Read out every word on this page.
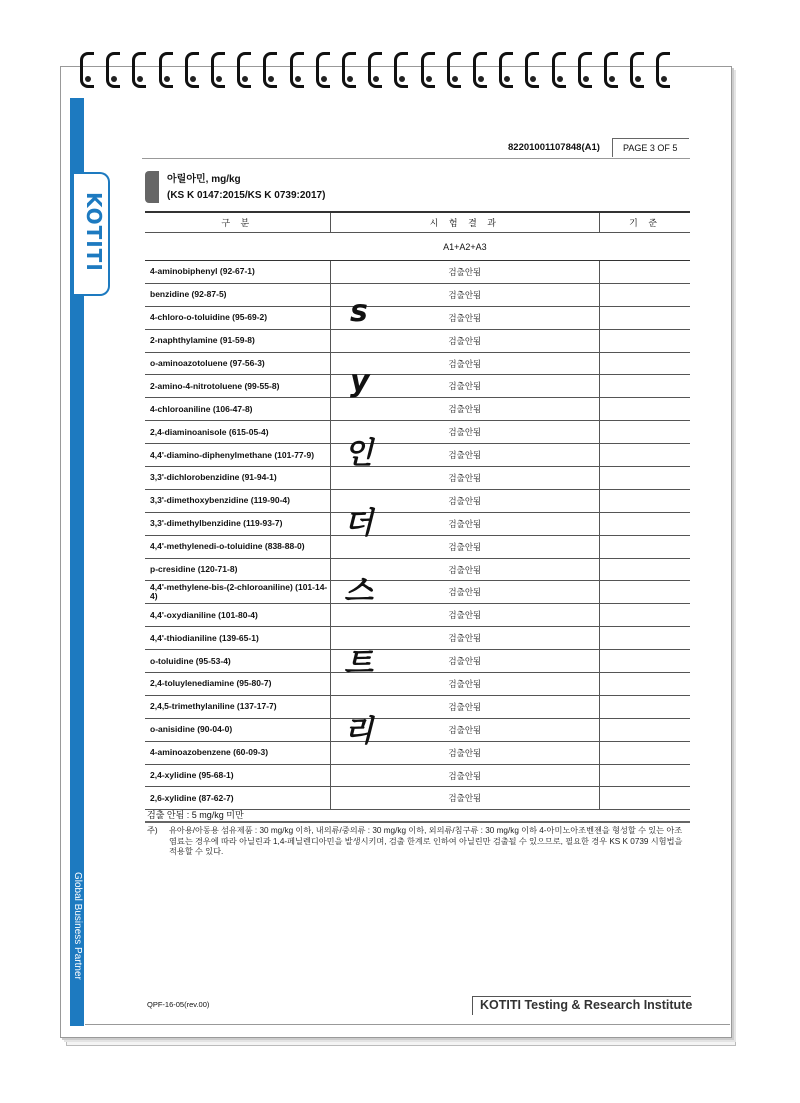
KOTITI
Global Business Partner
82201001107848(A1)	PAGE 3 OF 5
아릴아민, mg/kg
(KS K 0147:2015/KS K 0739:2017)
구 분	시 험 결 과	기 준
	A1+A2+A3	
4-aminobiphenyl (92-67-1)	검출안됨	
benzidine (92-87-5)	검출안됨	
4-chloro-o-toluidine (95-69-2)	검출안됨	
2-naphthylamine (91-59-8)	검출안됨	
o-aminoazotoluene (97-56-3)	검출안됨	
2-amino-4-nitrotoluene (99-55-8)	검출안됨	
4-chloroaniline (106-47-8)	검출안됨	
2,4-diaminoanisole (615-05-4)	검출안됨	
4,4'-diamino-diphenylmethane (101-77-9)	검출안됨	
3,3'-dichlorobenzidine (91-94-1)	검출안됨	
3,3'-dimethoxybenzidine (119-90-4)	검출안됨	
3,3'-dimethylbenzidine (119-93-7)	검출안됨	
4,4'-methylenedi-o-toluidine (838-88-0)	검출안됨	
p-cresidine (120-71-8)	검출안됨	
4,4'-methylene-bis-(2-chloroaniline) (101-14-4)	검출안됨	
4,4'-oxydianiline (101-80-4)	검출안됨	
4,4'-thiodianiline (139-65-1)	검출안됨	
o-toluidine (95-53-4)	검출안됨	
2,4-toluylenediamine (95-80-7)	검출안됨	
2,4,5-trimethylaniline (137-17-7)	검출안됨	
o-anisidine (90-04-0)	검출안됨	
4-aminoazobenzene (60-09-3)	검출안됨	
2,4-xylidine (95-68-1)	검출안됨	
2,6-xylidine (87-62-7)	검출안됨	
검출 안됨 : 5 mg/kg 미만
주) 유아용/아동용 섬유제품 : 30 mg/kg 이하, 내의류/중의류 : 30 mg/kg 이하, 외의류/침구류 : 30 mg/kg 이하 4-아미노아조벤젠을 형성할 수 있는 아조 염료는 경우에 따라 아닐린과 1,4-페닐렌디아민을 발생시키며, 검출 한계로 인하여 아닐린만 검출될 수 있으므로, 필요한 경우 KS K 0739 시험법을 적용할 수 있다.
s
y
인
더
스
트
리
QPF-16-05(rev.00)	KOTITI Testing & Research Institute
